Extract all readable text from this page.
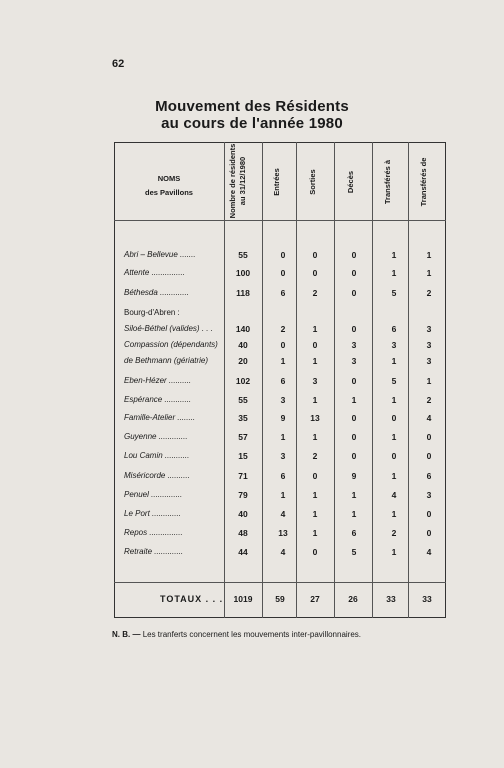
62
Mouvement des Résidents
au cours de l'année 1980
NOMS
des Pavillons	Nombre de résidents au 31/12/1980	Entrées	Sorties	Décès	Transférés à	Transférés de
Abri – Bellevue .......	55	0	0	0	1	1
Attente ...............	100	0	0	0	1	1
Béthesda .............	118	6	2	0	5	2
Bourg-d'Abren :
Siloé-Béthel (valides) . . .	140	2	1	0	6	3
Compassion (dépendants)	40	0	0	3	3	3
de Bethmann (gériatrie)	20	1	1	3	1	3
Eben-Hézer ..........	102	6	3	0	5	1
Espérance ............	55	3	1	1	1	2
Famille-Atelier ........	35	9	13	0	0	4
Guyenne .............	57	1	1	0	1	0
Lou Camin ...........	15	3	2	0	0	0
Miséricorde ..........	71	6	0	9	1	6
Penuel ..............	79	1	1	1	4	3
Le Port .............	40	4	1	1	1	0
Repos ...............	48	13	1	6	2	0
Retraite .............	44	4	0	5	1	4
TOTAUX . . .	1019	59	27	26	33	33
N. B. — Les tranferts concernent les mouvements inter-pavillonnaires.
